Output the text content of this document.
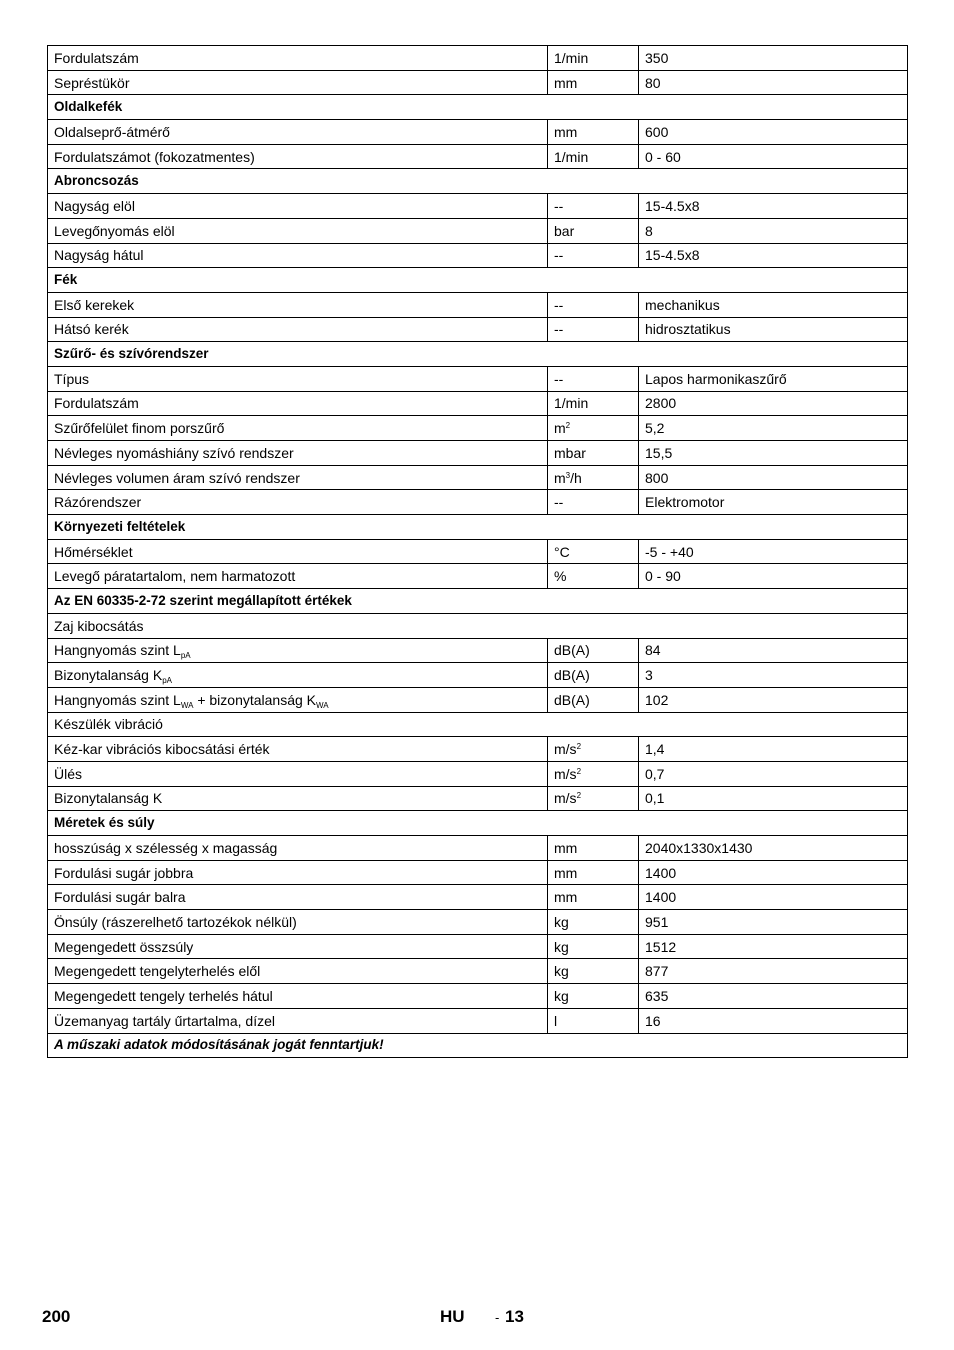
Fordulatszám	1/min	350
Sepréstükör	mm	80
Oldalkefék		
Oldalseprő-átmérő	mm	600
Fordulatszámot (fokozatmentes)	1/min	0 - 60
Abroncsozás		
Nagyság elöl	--	15-4.5x8
Levegőnyomás elöl	bar	8
Nagyság hátul	--	15-4.5x8
Fék		
Első kerekek	--	mechanikus
Hátsó kerék	--	hidrosztatikus
Szűrő- és szívórendszer		
Típus	--	Lapos harmonikaszűrő
Fordulatszám	1/min	2800
Szűrőfelület finom porszűrő	$m^2$	5,2
Névleges nyomáshiány szívó rendszer	mbar	15,5
Névleges volumen áram szívó rendszer	$m^3/h$	800
Rázórendszer	--	Elektromotor
Környezeti feltételek		
Hőmérséklet	°C	-5 - +40
Levegő páratartalom, nem harmatozott	%	0 - 90
Az EN 60335-2-72 szerint megállapított értékek		
Zaj kibocsátás		
Hangnyomás szint $L_{pA}$	dB(A)	84
Bizonytalanság $K_{pA}$	dB(A)	3
Hangnyomás szint $L_{WA}$ + bizonytalanság $K_{WA}$	dB(A)	102
Készülék vibráció		
Kéz-kar vibrációs kibocsátási érték	$m/s^2$	1,4
Ülés	$m/s^2$	0,7
Bizonytalanság K	$m/s^2$	0,1
Méretek és súly		
hosszúság x szélesség x magasság	mm	2040x1330x1430
Fordulási sugár jobbra	mm	1400
Fordulási sugár balra	mm	1400
Önsúly (rászerelhető tartozékok nélkül)	kg	951
Megengedett összsúly	kg	1512
Megengedett tengelyterhelés elől	kg	877
Megengedett tengely terhelés hátul	kg	635
Üzemanyag tartály űrtartalma, dízel	l	16
A műszaki adatok módosításának jogát fenntartjuk!		
200	HU - 13
